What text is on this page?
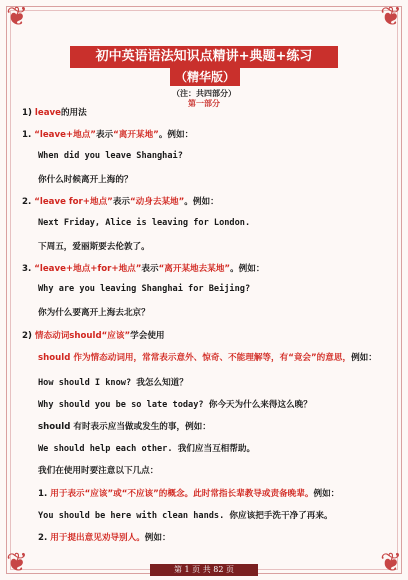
❦	❦
❦	❦
初中英语语法知识点精讲+典题+练习
（精华版）
（注：共四部分）
第一部分
1) leave的用法
1. “leave+地点”表示“离开某地”。例如：
When did you leave Shanghai?
你什么时候离开上海的？
2. “leave for+地点”表示“动身去某地”。例如：
Next Friday, Alice is leaving for London.
下周五，爱丽斯要去伦敦了。
3. “leave+地点+for+地点”表示“离开某地去某地”。例如：
Why are you leaving Shanghai for Beijing?
你为什么要离开上海去北京？
2) 情态动词should“应该”学会使用
should 作为情态动词用，常常表示意外、惊奇、不能理解等，有“竟会”的意思，例如：
How should I know? 我怎么知道？
Why should you be so late today? 你今天为什么来得这么晚？
should 有时表示应当做或发生的事，例如：
We should help each other. 我们应当互相帮助。
我们在使用时要注意以下几点：
1. 用于表示“应该”或“不应该”的概念。此时常指长辈教导或责备晚辈。例如：
You should be here with clean hands. 你应该把手洗干净了再来。
2. 用于提出意见劝导别人。例如：
第 1 页 共 82 页
